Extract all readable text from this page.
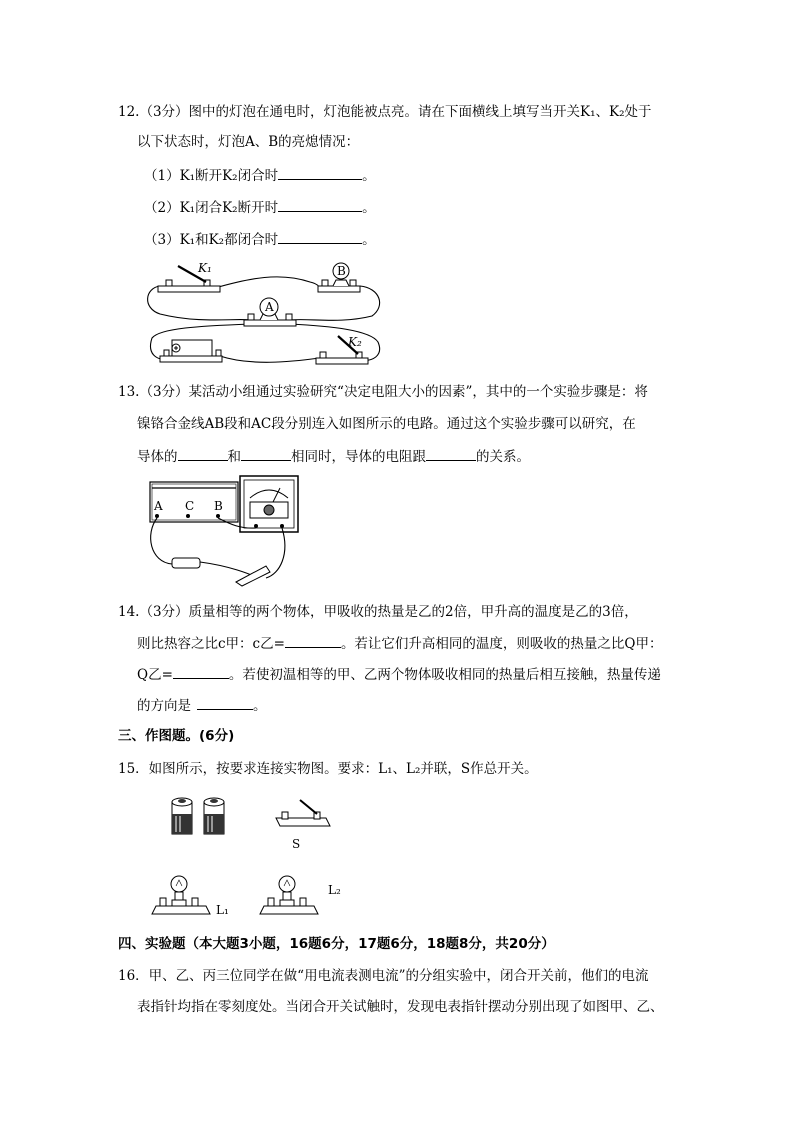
12.（3分）图中的灯泡在通电时，灯泡能被点亮。请在下面横线上填写当开关K₁、K₂处于
以下状态时，灯泡A、B的亮熄情况：
（1）K₁断开K₂闭合时	。
（2）K₁闭合K₂断开时	。
（3）K₁和K₂都闭合时	。
K₁	B
A
K₂
13.（3分）某活动小组通过实验研究“决定电阻大小的因素”，其中的一个实验步骤是：将
镍铬合金线AB段和AC段分别连入如图所示的电路。通过这个实验步骤可以研究，在
导体的	和	相同时，导体的电阻跟	的关系。
A C B
14.（3分）质量相等的两个物体，甲吸收的热量是乙的2倍，甲升高的温度是乙的3倍，
则比热容之比c甲：c乙=	。若让它们升高相同的温度，则吸收的热量之比Q甲：
Q乙=	。若使初温相等的甲、乙两个物体吸收相同的热量后相互接触，热量传递
的方向是	。
三、作图题。(6分)
15．如图所示，按要求连接实物图。要求：L₁、L₂并联，S作总开关。
S
L₁
L₂
四、实验题（本大题3小题，16题6分，17题6分，18题8分，共20分）
16．甲、乙、丙三位同学在做“用电流表测电流”的分组实验中，闭合开关前，他们的电流
表指针均指在零刻度处。当闭合开关试触时，发现电表指针摆动分别出现了如图甲、乙、
